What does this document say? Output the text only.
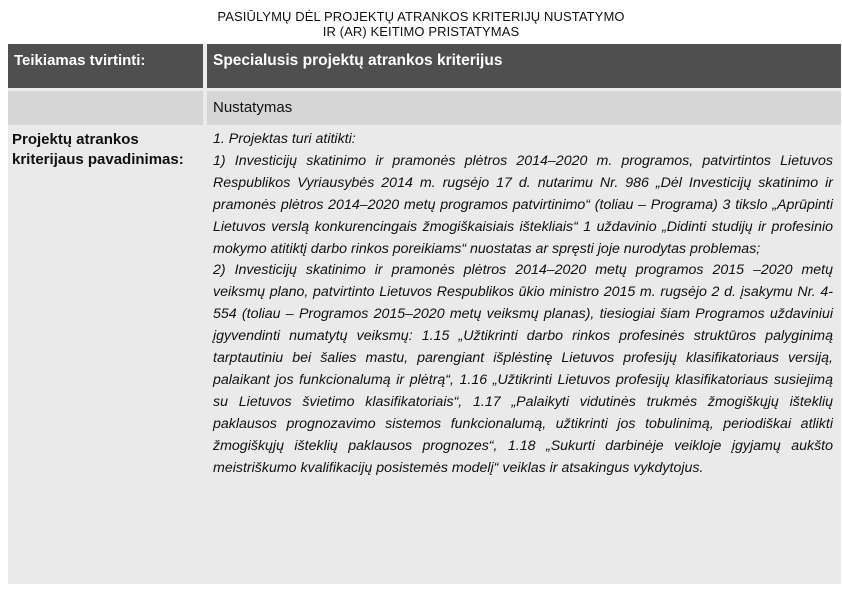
PASIŪLYMŲ DĖL PROJEKTŲ ATRANKOS KRITERIJŲ NUSTATYMO
IR (AR) KEITIMO PRISTATYMAS
Teikiamas tvirtinti:	Specialusis projektų atrankos kriterijus
Nustatymas
Projektų atrankos kriterijaus pavadinimas:

1. Projektas turi atitikti:

1) Investicijų skatinimo ir pramonės plėtros 2014–2020 m. programos, patvirtintos Lietuvos Respublikos Vyriausybės 2014 m. rugsėjo 17 d. nutarimu Nr. 986 „Dėl Investicijų skatinimo ir pramonės plėtros 2014–2020 metų programos patvirtinimo“ (toliau – Programa) 3 tikslo „Aprūpinti Lietuvos verslą konkurencingais žmogiškaisiais ištekliais“ 1 uždavinio „Didinti studijų ir profesinio mokymo atitiktį darbo rinkos poreikiams“ nuostatas ar spręsti joje nurodytas problemas;

2) Investicijų skatinimo ir pramonės plėtros 2014–2020 metų programos 2015 –2020 metų veiksmų plano, patvirtinto Lietuvos Respublikos ūkio ministro 2015 m. rugsėjo 2 d. įsakymu Nr. 4-554 (toliau – Programos 2015–2020 metų veiksmų planas), tiesiogiai šiam Programos uždaviniui įgyvendinti numatytų veiksmų: 1.15 „Užtikrinti darbo rinkos profesinės struktūros palyginimą tarptautiniu bei šalies mastu, parengiant išplėstinę Lietuvos profesijų klasifikatoriaus versiją, palaikant jos funkcionalumą ir plėtrą“, 1.16 „Užtikrinti Lietuvos profesijų klasifikatoriaus susiejimą su Lietuvos švietimo klasifikatoriais“, 1.17 „Palaikyti vidutinės trukmės žmogiškųjų išteklių paklausos prognozavimo sistemos funkcionalumą, užtikrinti jos tobulinimą, periodiškai atlikti žmogiškųjų išteklių paklausos prognozes“, 1.18 „Sukurti darbinėje veikloje įgyjamų aukšto meistriškumo kvalifikacijų posistemės modelį“ veiklas ir atsakingus vykdytojus.
